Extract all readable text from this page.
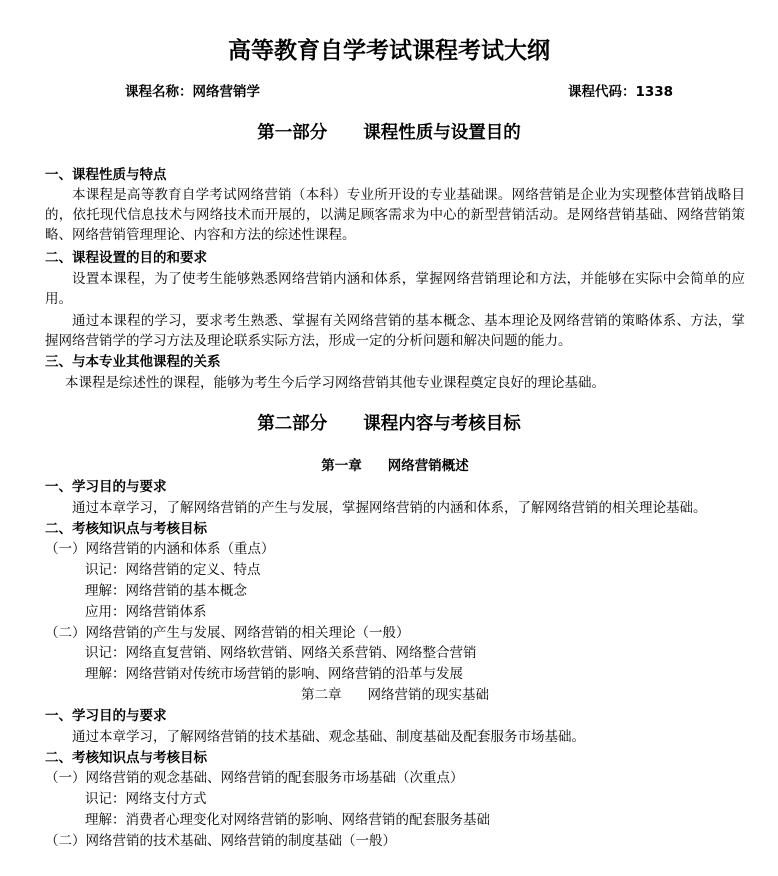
高等教育自学考试课程考试大纲
课程名称：网络营销学	课程代码：1338
第一部分 课程性质与设置目的
一、课程性质与特点
本课程是高等教育自学考试网络营销（本科）专业所开设的专业基础课。网络营销是企业为实现整体营销战略目的，依托现代信息技术与网络技术而开展的，以满足顾客需求为中心的新型营销活动。是网络营销基础、网络营销策略、网络营销管理理论、内容和方法的综述性课程。
二、课程设置的目的和要求
设置本课程，为了使考生能够熟悉网络营销内涵和体系，掌握网络营销理论和方法，并能够在实际中会简单的应用。
通过本课程的学习，要求考生熟悉、掌握有关网络营销的基本概念、基本理论及网络营销的策略体系、方法，掌握网络营销学的学习方法及理论联系实际方法，形成一定的分析问题和解决问题的能力。
三、与本专业其他课程的关系
本课程是综述性的课程，能够为考生今后学习网络营销其他专业课程奠定良好的理论基础。
第二部分 课程内容与考核目标
第一章 网络营销概述
一、学习目的与要求
通过本章学习，了解网络营销的产生与发展，掌握网络营销的内涵和体系，了解网络营销的相关理论基础。
二、考核知识点与考核目标
（一）网络营销的内涵和体系（重点）
识记：网络营销的定义、特点
理解：网络营销的基本概念
应用：网络营销体系
（二）网络营销的产生与发展、网络营销的相关理论（一般）
识记：网络直复营销、网络软营销、网络关系营销、网络整合营销
理解：网络营销对传统市场营销的影响、网络营销的沿革与发展
第二章 网络营销的现实基础
一、学习目的与要求
通过本章学习，了解网络营销的技术基础、观念基础、制度基础及配套服务市场基础。
二、考核知识点与考核目标
（一）网络营销的观念基础、网络营销的配套服务市场基础（次重点）
识记：网络支付方式
理解：消费者心理变化对网络营销的影响、网络营销的配套服务基础
（二）网络营销的技术基础、网络营销的制度基础（一般）
